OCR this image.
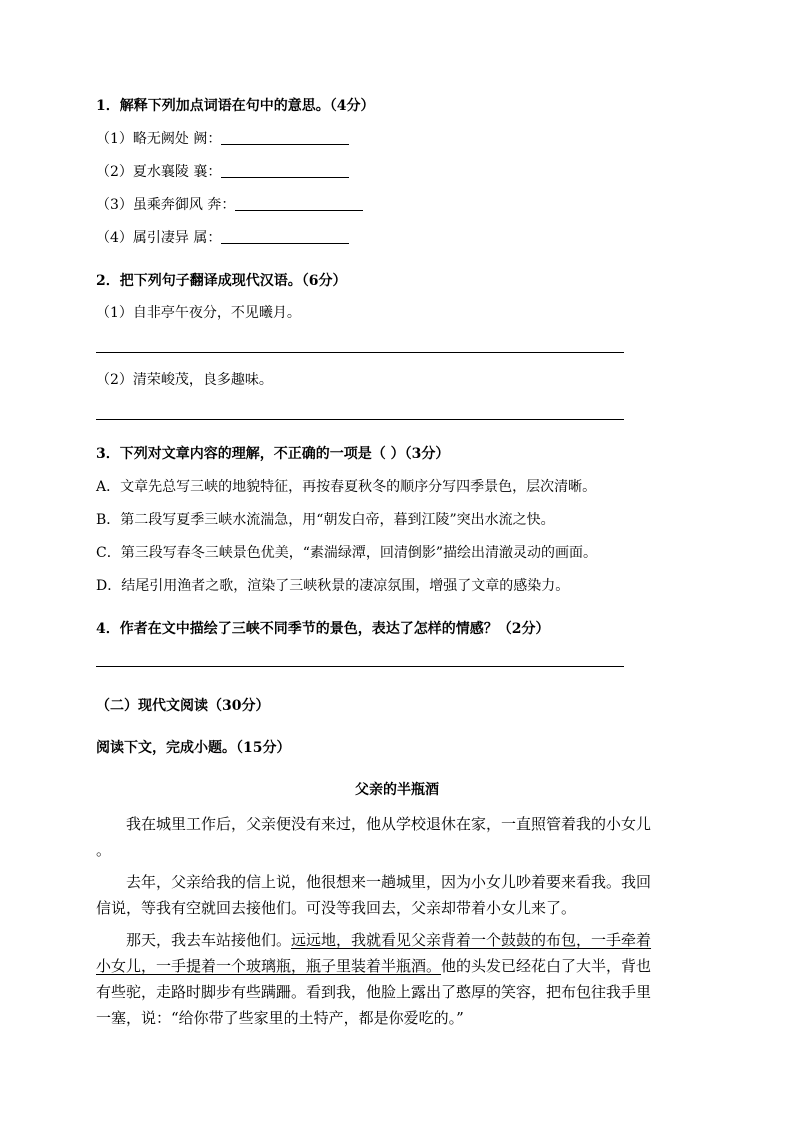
1．解释下列加点词语在句中的意思。（4分）
（1）略无阙处 阙：
（2）夏水襄陵 襄：
（3）虽乘奔御风 奔：
（4）属引凄异 属：
2．把下列句子翻译成现代汉语。（6分）
（1）自非亭午夜分，不见曦月。
（2）清荣峻茂，良多趣味。
3．下列对文章内容的理解，不正确的一项是（ ）（3分）
A．文章先总写三峡的地貌特征，再按春夏秋冬的顺序分写四季景色，层次清晰。
B．第二段写夏季三峡水流湍急，用“朝发白帝，暮到江陵”突出水流之快。
C．第三段写春冬三峡景色优美，“素湍绿潭，回清倒影”描绘出清澈灵动的画面。
D．结尾引用渔者之歌，渲染了三峡秋景的凄凉氛围，增强了文章的感染力。
4．作者在文中描绘了三峡不同季节的景色，表达了怎样的情感？（2分）
（二）现代文阅读（30分）
阅读下文，完成小题。（15分）
父亲的半瓶酒
我在城里工作后，父亲便没有来过，他从学校退休在家，一直照管着我的小女儿
。
去年，父亲给我的信上说，他很想来一趟城里，因为小女儿吵着要来看我。我回
信说，等我有空就回去接他们。可没等我回去，父亲却带着小女儿来了。
那天，我去车站接他们。远远地，我就看见父亲背着一个鼓鼓的布包，一手牵着
小女儿，一手提着一个玻璃瓶，瓶子里装着半瓶酒。他的头发已经花白了大半，背也
有些驼，走路时脚步有些蹒跚。看到我，他脸上露出了憨厚的笑容，把布包往我手里
一塞，说：“给你带了些家里的土特产，都是你爱吃的。”
